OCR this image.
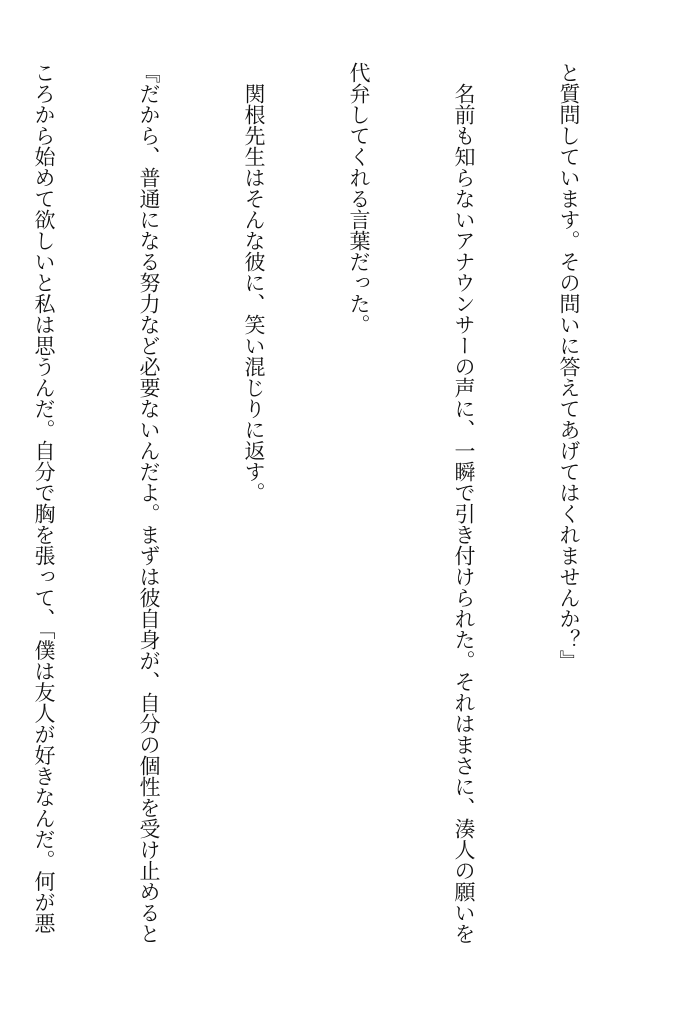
と質問しています。その問いに答えてあげてはくれませんか？』

　名前も知らないアナウンサーの声に、一瞬で引き付けられた。それはまさに、湊人の願いを

代弁してくれる言葉だった。

　関根先生はそんな彼に、笑い混じりに返す。

『だから、普通になる努力など必要ないんだよ。まずは彼自身が、自分の個性を受け止めると

ころから始めて欲しいと私は思うんだ。自分で胸を張って、「僕は友人が好きなんだ。何が悪
